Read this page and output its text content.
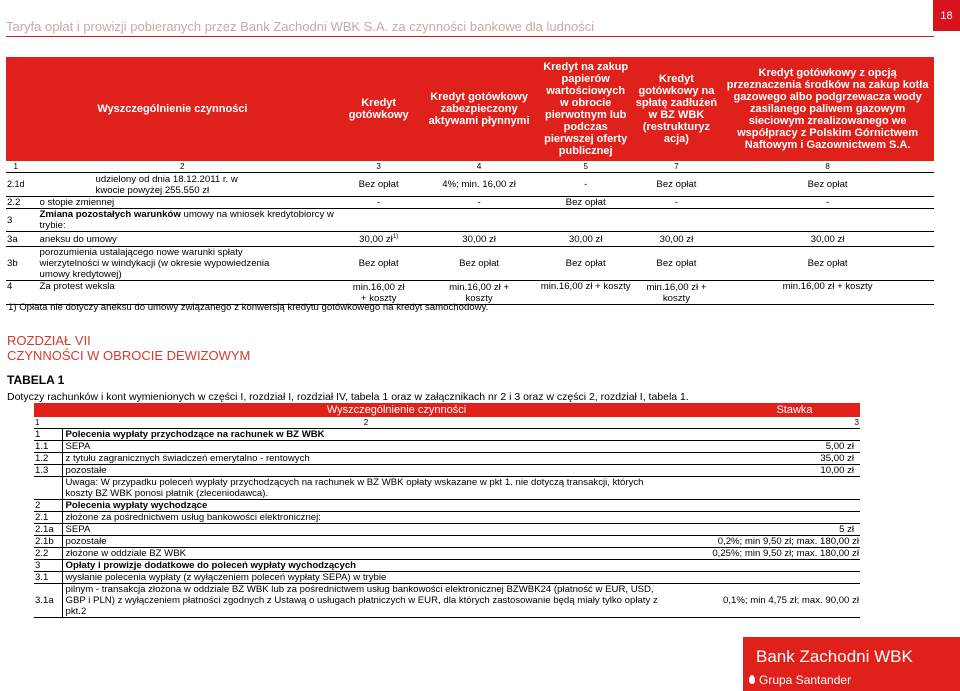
Taryfa opłat i prowizji pobieranych przez Bank Zachodni WBK S.A. za czynności bankowe dla ludności
18
Wyszczególnienie czynności		Kredyt gotówkowy	Kredyt gotówkowy zabezpieczony aktywami płynnymi	Kredyt na zakup papierów wartościowych w obrocie pierwotnym lub podczas pierwszej oferty publicznej	Kredyt gotówkowy na spłatę zadłużeń w BZ WBK (restrukturyz acja)	Kredyt gotówkowy z opcją przeznaczenia środków na zakup kotła gazowego albo podgrzewacza wody zasilanego paliwem gazowym sieciowym zrealizowanego we współpracy z Polskim Górnictwem Naftowym i Gazownictwem S.A.
1	2	3	4	5	7	8
2.1d	udzielony od dnia 18.12.2011 r. w kwocie powyżej 255.550 zł	Bez opłat	4%; min. 16,00 zł	-	Bez opłat	Bez opłat
2.2	o stopie zmiennej	-	-	Bez opłat	-	-
3	Zmiana pozostałych warunków umowy na wniosek kredytobiorcy w trybie:					
3a	aneksu do umowy	30,00 $zł^{1)}$	30,00 zł	30,00 zł	30,00 zł	30,00 zł
3b	porozumienia ustalającego nowe warunki spłaty wierzytelności w windykacji (w okresie wypowiedzenia umowy kredytowej)	Bez opłat	Bez opłat	Bez opłat	Bez opłat	Bez opłat
4	Za protest weksla	min.16,00 zł + koszty	min.16,00 zł + koszty	min.16,00 zł + koszty	min.16,00 zł + koszty	min.16,00 zł + koszty
1) Opłata nie dotyczy aneksu do umowy związanego z konwersją kredytu gotówkowego na kredyt samochodowy.
ROZDZIAŁ VII
CZYNNOŚCI W OBROCIE DEWIZOWYM
TABELA 1
Dotyczy rachunków i kont wymienionych w części I, rozdział I, rozdział IV, tabela 1 oraz w załącznikach nr 2 i 3 oraz w części 2, rozdział I, tabela 1.
Wyszczególnienie czynności		Stawka
1	2	3
1	Polecenia wypłaty przychodzące na rachunek w BZ WBK	
1.1	SEPA	5,00 zł
1.2	z tytułu zagranicznych świadczeń emerytalno - rentowych	35,00 zł
1.3	pozostałe	10,00 zł
	Uwaga: W przypadku poleceń wypłaty przychodzących na rachunek w BZ WBK opłaty wskazane w pkt 1. nie dotyczą transakcji, których koszty BZ WBK ponosi płatnik (zleceniodawca).	
2	Polecenia wypłaty wychodzące	
2.1	złożone za pośrednictwem usług bankowości elektronicznej:	
2.1a	SEPA	5 zł
2.1b	pozostałe	0,2%; min 9,50 zł; max. 180,00 zł
2.2	złożone w oddziale BZ WBK	0,25%; min 9,50 zł; max. 180,00 zł
3	Opłaty i prowizje dodatkowe do poleceń wypłaty wychodzących	
3.1	wysłanie polecenia wypłaty (z wyłączeniem poleceń wypłaty SEPA) w trybie	
3.1a	pilnym - transakcja złożona w oddziale BZ WBK lub za pośrednictwem usług bankowości elektronicznej BZWBK24 (płatność w EUR, USD, GBP i PLN) z wyłączeniem płatności zgodnych z Ustawą o usługach płatniczych w EUR, dla których zastosowanie będą miały tylko opłaty z pkt.2	0,1%; min 4,75 zł; max. 90,00 zł
Bank Zachodni WBK
Grupa Santander
